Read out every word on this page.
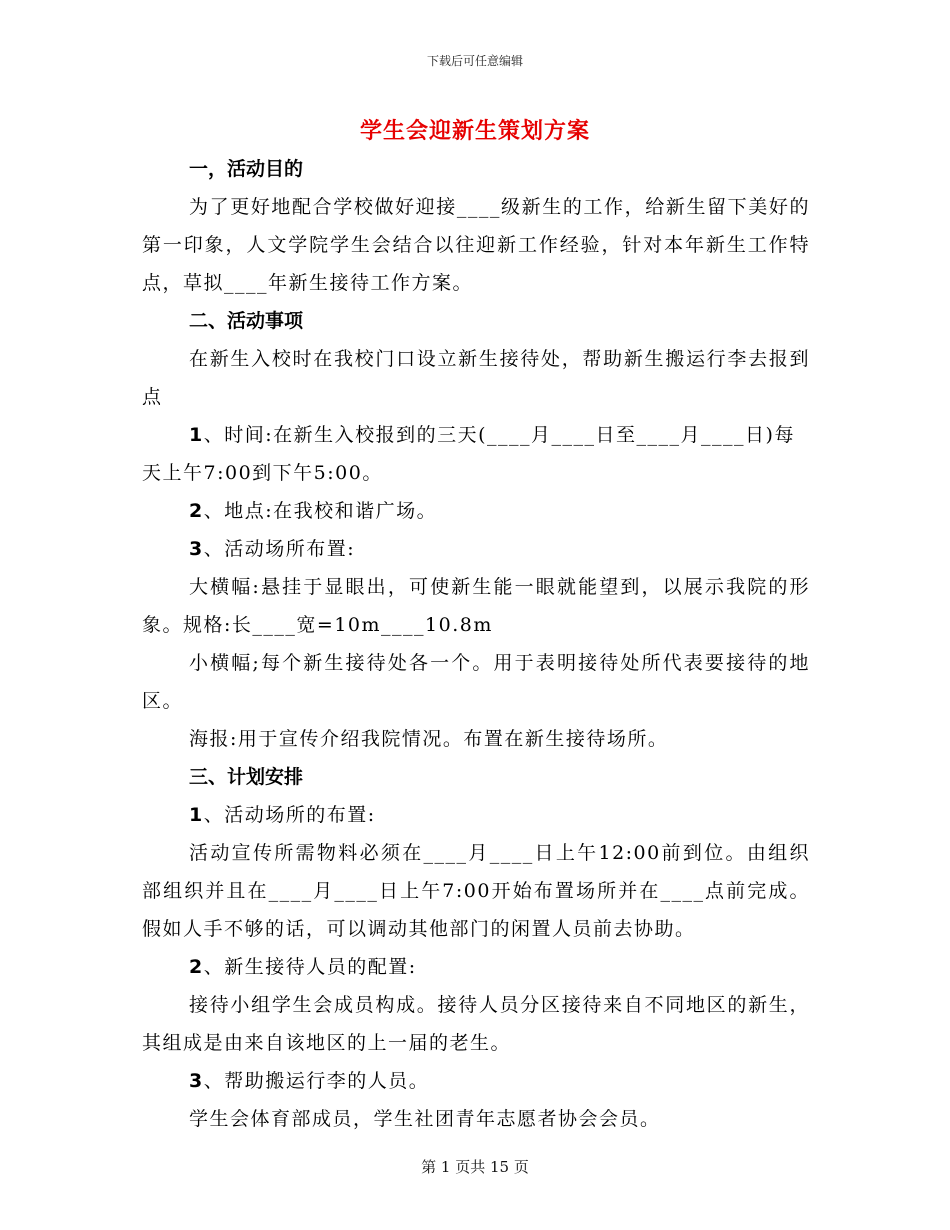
下载后可任意编辑
学生会迎新生策划方案

一，活动目的

为了更好地配合学校做好迎接____级新生的工作，给新生留下美好的第一印象，人文学院学生会结合以往迎新工作经验，针对本年新生工作特点，草拟____年新生接待工作方案。

二、活动事项

在新生入校时在我校门口设立新生接待处，帮助新生搬运行李去报到点

1、时间:在新生入校报到的三天(____月____日至____月____日)每天上午7:00到下午5:00。

2、地点:在我校和谐广场。

3、活动场所布置:

大横幅:悬挂于显眼出，可使新生能一眼就能望到，以展示我院的形象。规格:长____宽=10m____10.8m

小横幅;每个新生接待处各一个。用于表明接待处所代表要接待的地区。

海报:用于宣传介绍我院情况。布置在新生接待场所。

三、计划安排

1、活动场所的布置:

活动宣传所需物料必须在____月____日上午12:00前到位。由组织部组织并且在____月____日上午7:00开始布置场所并在____点前完成。假如人手不够的话，可以调动其他部门的闲置人员前去协助。

2、新生接待人员的配置:

接待小组学生会成员构成。接待人员分区接待来自不同地区的新生，其组成是由来自该地区的上一届的老生。

3、帮助搬运行李的人员。

学生会体育部成员，学生社团青年志愿者协会会员。

第 1 页共 15 页
